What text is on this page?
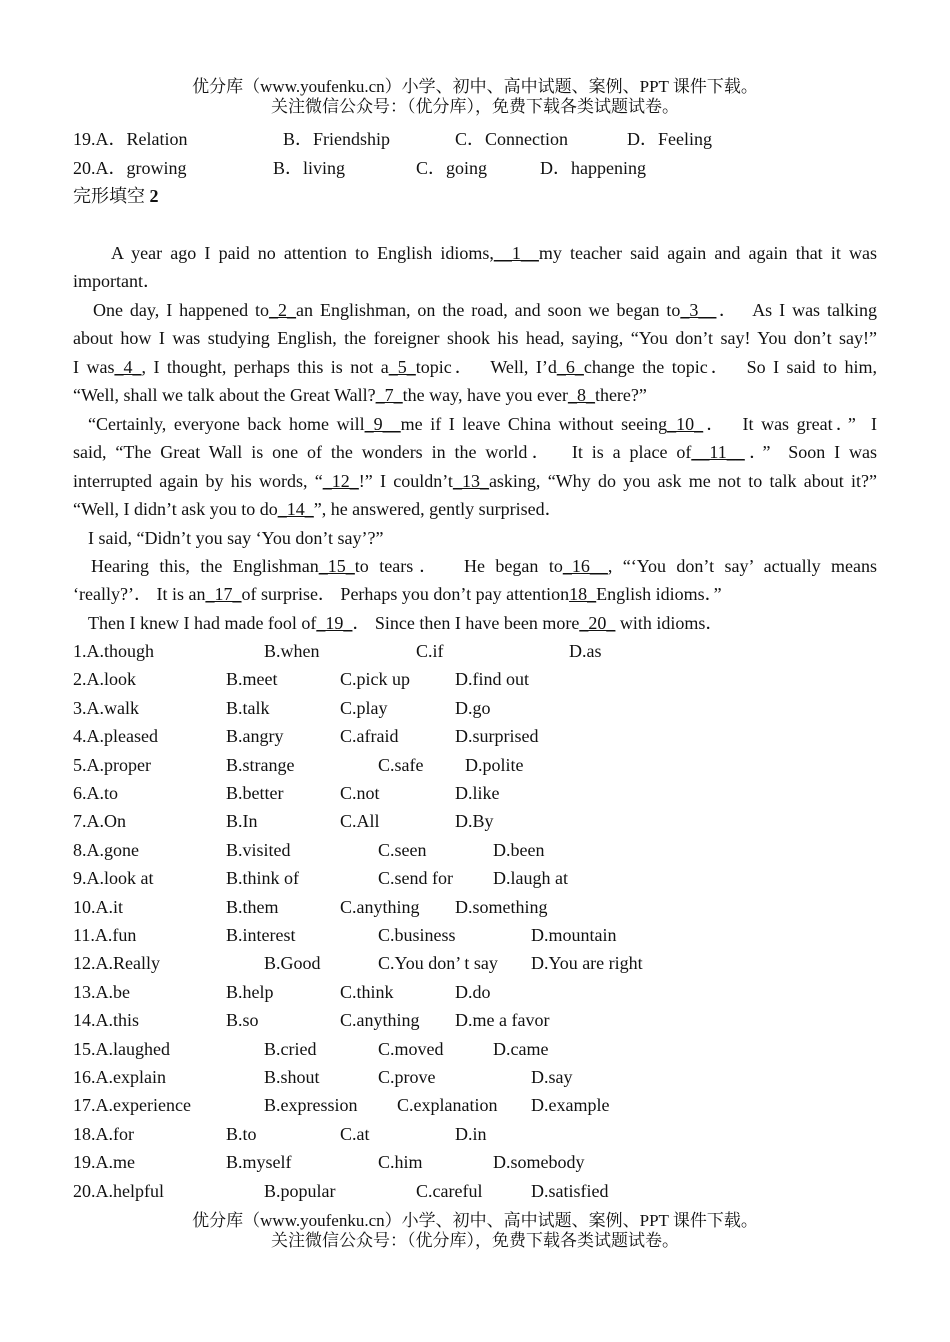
优分库（www.youfenku.cn）小学、初中、高中试题、案例、PPT 课件下载。
关注微信公众号：（优分库），免费下载各类试题试卷。
19.A．Relation	B．Friendship	C．Connection	D．Feeling
20.A．growing	B．living	C．going	D．happening
完形填空 2
A year ago I paid no attention to English idioms,__1__my teacher said again and again that it was
important．
One day, I happened to_2_an Englishman, on the road, and soon we began to_3__．  As I was talking
about how I was studying English, the foreigner shook his head, saying, “You don’t say! You don’t say!”
I was_4_, I thought, perhaps this is not a_5_topic．  Well, I’d_6_change the topic．  So I said to him,
“Well, shall we talk about the Great Wall?_7_the way, have you ever_8_there?”
“Certainly, everyone back home will_9__me if I leave China without seeing_10_．  It was great．”  I
said, “The Great Wall is one of the wonders in the world．  It is a place of__11__．”  Soon I was
interrupted again by his words, “_12_!” I couldn’t_13_asking, “Why do you ask me not to talk about it?”
“Well, I didn’t ask you to do_14_”, he answered, gently surprised．
I said, “Didn’t you say ‘You don’t say’?”
Hearing this, the Englishman_15_to tears．  He began to_16__, “‘You don’t say’ actually means
‘really?’． It is an_17_of surprise． Perhaps you don’t pay attention18_English idioms．”
Then I knew I had made fool of_19_． Since then I have been more_20_ with idioms．
1.A.though	B.when	C.if	D.as
2.A.look	B.meet	C.pick up	D.find out
3.A.walk	B.talk	C.play	D.go
4.A.pleased	B.angry	C.afraid	D.surprised
5.A.proper	B.strange	C.safe D.polite
6.A.to	B.better	C.not	D.like
7.A.On	B.In	C.All	D.By
8.A.gone	B.visited	C.seen	D.been
9.A.look at	B.think of	C.send for D.laugh at
10.A.it	B.them	C.anything D.something
11.A.fun	B.interest	C.business	D.mountain
12.A.Really	B.Good	C.You don’ t say D.You are right
13.A.be	B.help	C.think	D.do
14.A.this	B.so	C.anything D.me a favor
15.A.laughed	B.cried	C.moved	D.came
16.A.explain	B.shout	C.prove	D.say
17.A.experience	B.expression C.explanation D.example
18.A.for	B.to	C.at	D.in
19.A.me	B.myself	C.him	D.somebody
20.A.helpful	B.popular	C.careful	D.satisfied
优分库（www.youfenku.cn）小学、初中、高中试题、案例、PPT 课件下载。
关注微信公众号：（优分库），免费下载各类试题试卷。
